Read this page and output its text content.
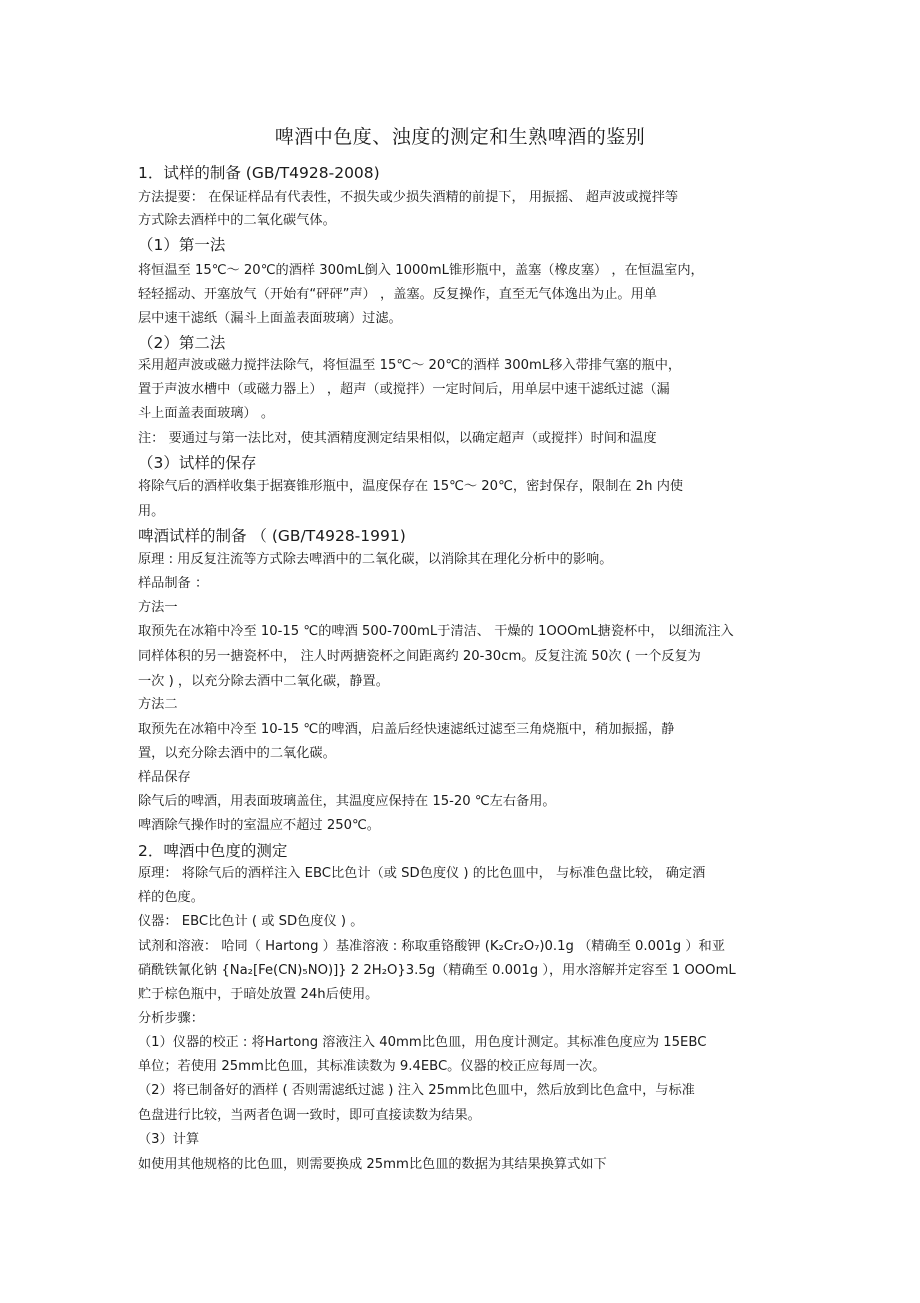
啤酒中色度、浊度的测定和生熟啤酒的鉴别
1．试样的制备 (GB/T4928-2008)
方法提要： 在保证样品有代表性，不损失或少损失酒精的前提下， 用振摇、 超声波或搅拌等
方式除去酒样中的二氧化碳气体。
（1）第一法
将恒温至 15℃～ 20℃的酒样 300mL倒入 1000mL锥形瓶中，盖塞（橡皮塞） ，在恒温室内，
轻轻摇动、开塞放气（开始有“砰砰”声） ，盖塞。反复操作，直至无气体逸出为止。用单
层中速干滤纸（漏斗上面盖表面玻璃）过滤。
（2）第二法
采用超声波或磁力搅拌法除气，将恒温至 15℃～ 20℃的酒样 300mL移入带排气塞的瓶中，
置于声波水槽中（或磁力器上） ，超声（或搅拌）一定时间后，用单层中速干滤纸过滤（漏
斗上面盖表面玻璃） 。
注： 要通过与第一法比对，使其酒精度测定结果相似，以确定超声（或搅拌）时间和温度
（3）试样的保存
将除气后的酒样收集于据赛锥形瓶中，温度保存在 15℃～ 20℃，密封保存，限制在 2h 内使
用。
啤酒试样的制备 （ (GB/T4928-1991)
原理 : 用反复注流等方式除去啤酒中的二氧化碳，以消除其在理化分析中的影响。
样品制备 ：
方法一
取预先在冰箱中冷至 10-15 ℃的啤酒 500-700mL于清洁、 干燥的 1OOOmL搪瓷杯中， 以细流注入
同样体积的另一搪瓷杯中， 注人时两搪瓷杯之间距离约 20-30cm。反复注流 50次 ( 一个反复为
一次 ) ，以充分除去酒中二氧化碳，静置。
方法二
取预先在冰箱中冷至 10-15 ℃的啤酒，启盖后经快速滤纸过滤至三角烧瓶中，稍加振摇，静
置，以充分除去酒中的二氧化碳。
样品保存
除气后的啤酒，用表面玻璃盖住，其温度应保持在 15-20 ℃左右备用。
啤酒除气操作时的室温应不超过 250℃。
2．啤酒中色度的测定
原理： 将除气后的酒样注入 EBC比色计（或 SD色度仪 ) 的比色皿中， 与标准色盘比较， 确定酒
样的色度。
仪器： EBC比色计 ( 或 SD色度仪 ) 。
试剂和溶液： 哈同（ Hartong ）基准溶液 : 称取重铬酸钾 (K₂Cr₂O₇)0.1g （精确至 0.001g ）和亚
硝酰铁氰化钠 {Na₂[Fe(CN)₅NO)]} 2 2H₂O}3.5g（精确至 0.001g ），用水溶解并定容至 1 OOOmL
贮于棕色瓶中，于暗处放置 24h后使用。
分析步骤：
（1）仪器的校正 : 将Hartong 溶液注入 40mm比色皿，用色度计测定。其标准色度应为 15EBC
单位；若使用 25mm比色皿，其标准读数为 9.4EBC。仪器的校正应每周一次。
（2）将已制备好的酒样 ( 否则需滤纸过滤 ) 注入 25mm比色皿中，然后放到比色盒中，与标准
色盘进行比较，当两者色调一致时，即可直接读数为结果。
（3）计算
如使用其他规格的比色皿，则需要换成 25mm比色皿的数据为其结果换算式如下
